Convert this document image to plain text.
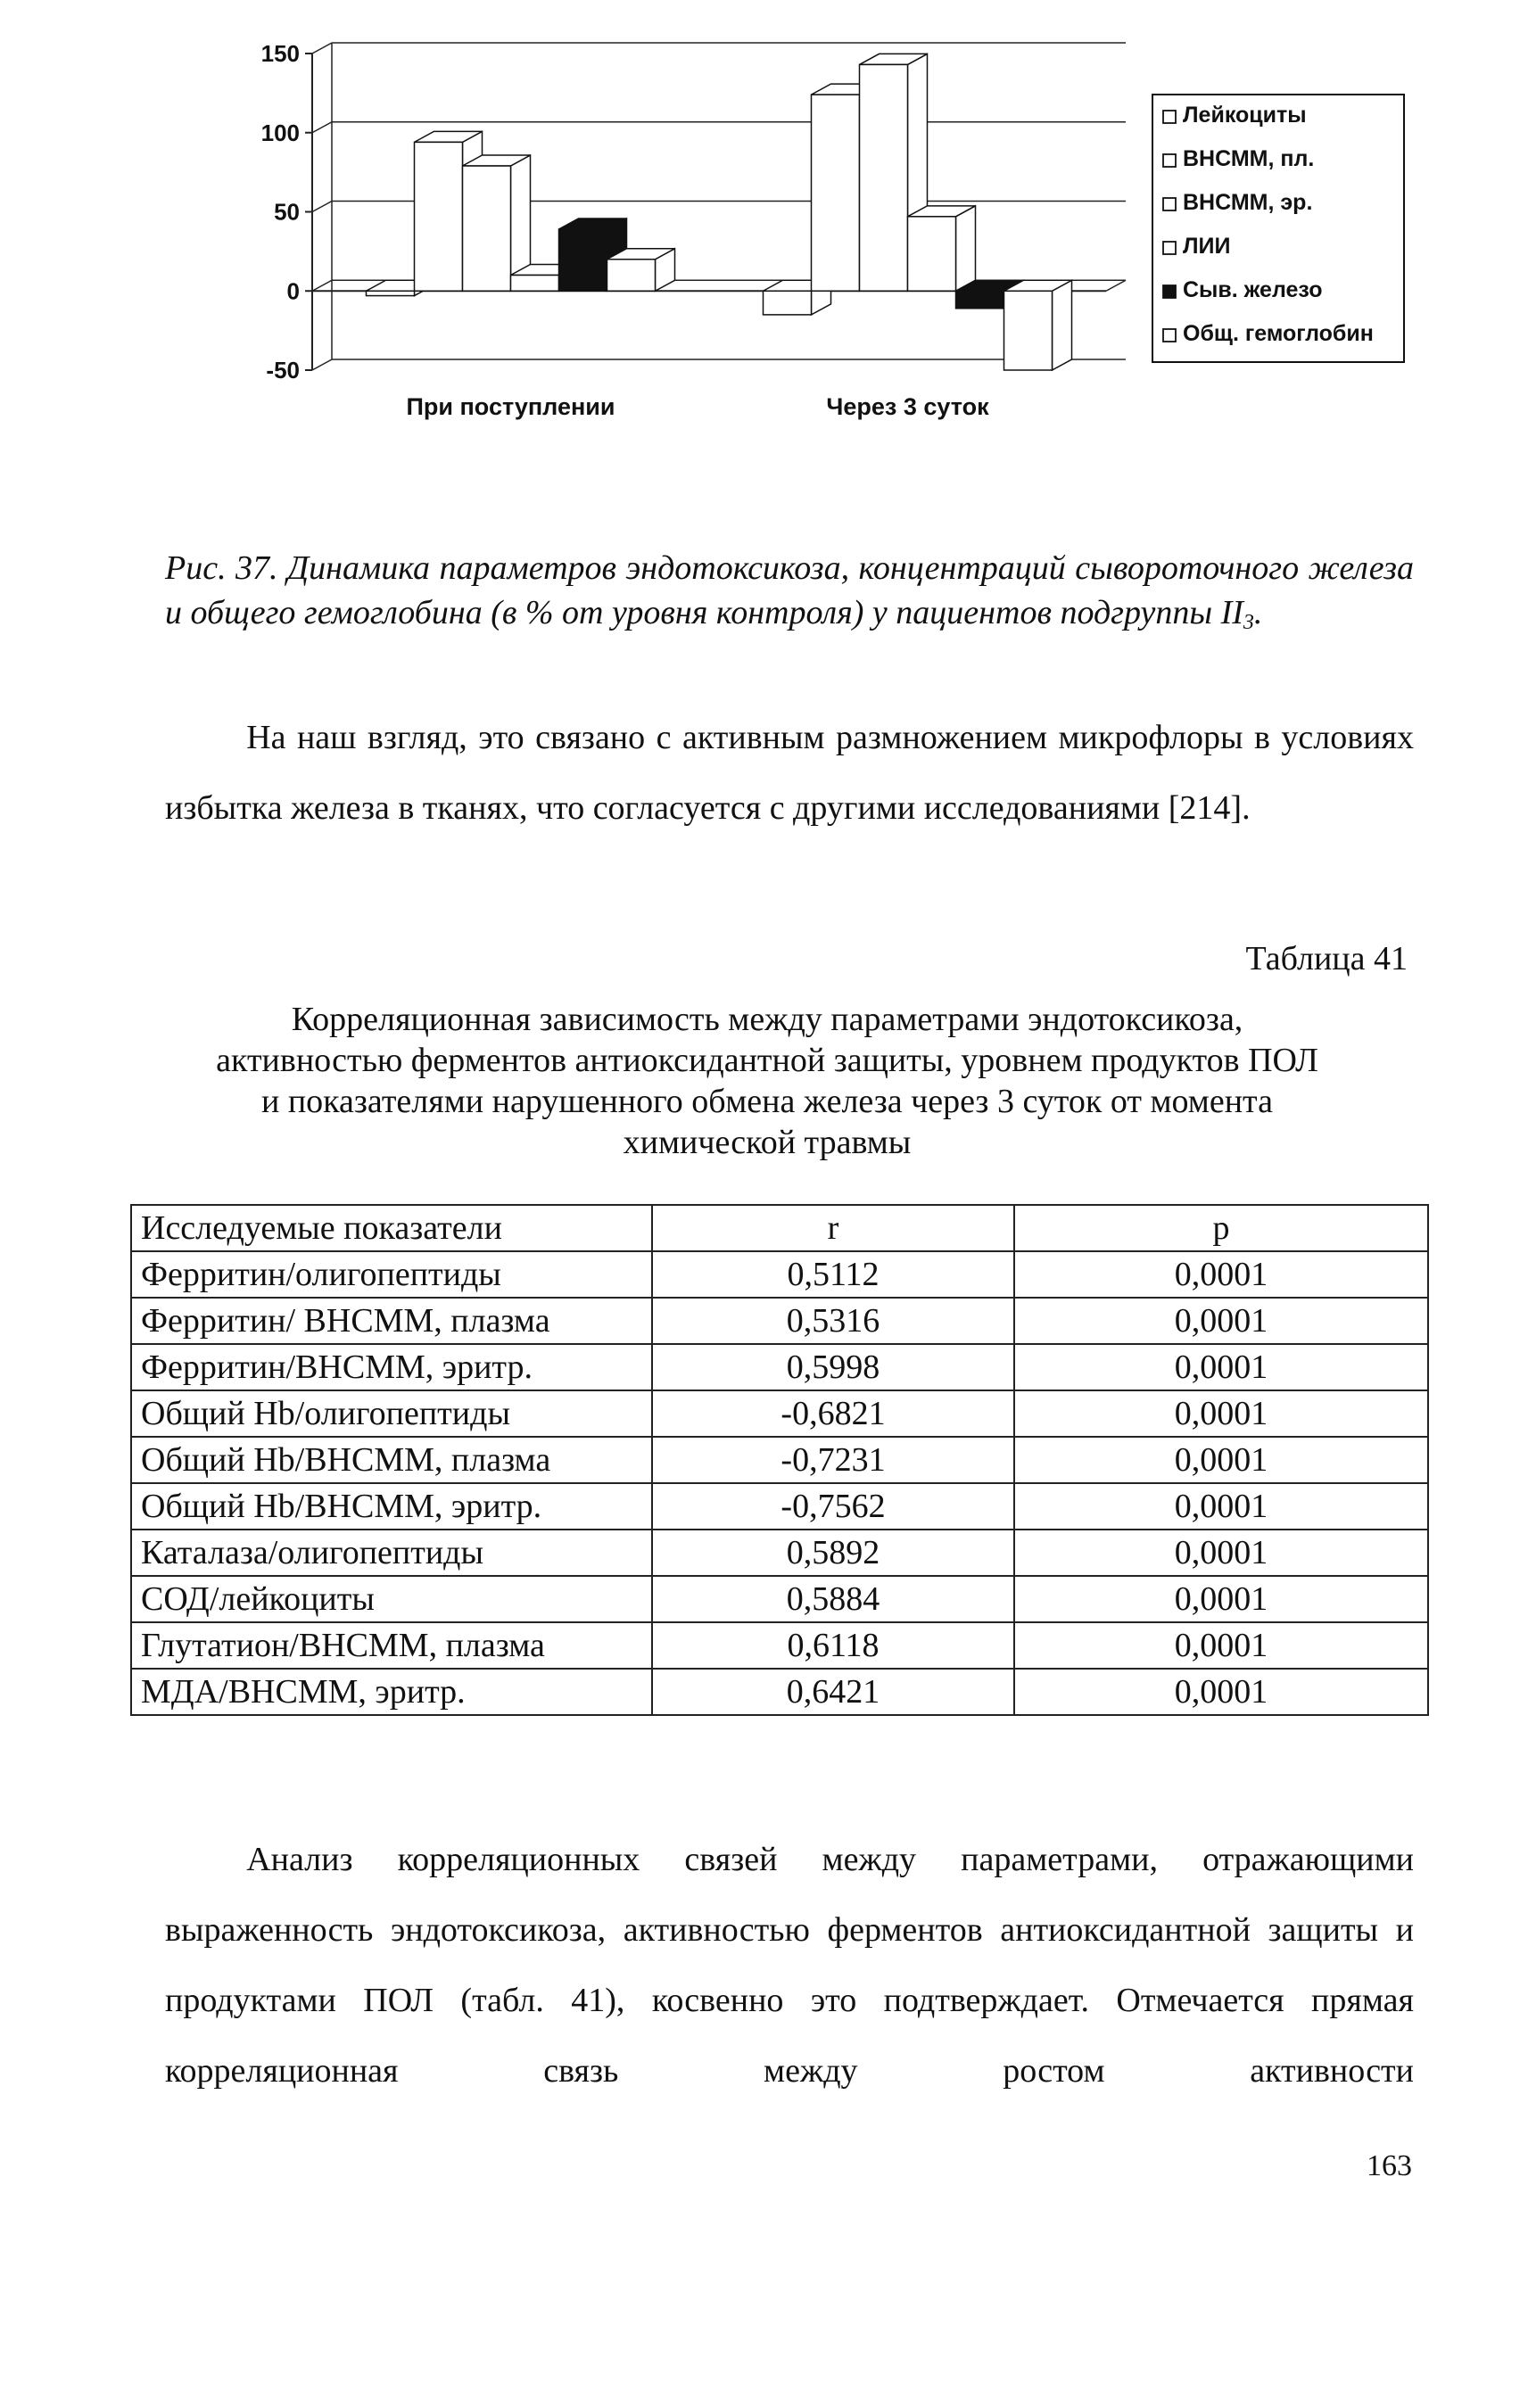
150
100
50
0
-50
При поступлении	Через 3 суток
Лейкоциты
ВНСММ, пл.
ВНСММ, эр.
ЛИИ
Сыв. железо
Общ. гемоглобин

Рис. 37. Динамика параметров эндотоксикоза, концентраций сывороточного железа и общего гемоглобина (в % от уровня контроля) у пациентов подгруппы $II_3$.

На наш взгляд, это связано с активным размножением микрофлоры в условиях избытка железа в тканях, что согласуется с другими исследованиями [214].

Таблица 41

Корреляционная зависимость между параметрами эндотоксикоза,
активностью ферментов антиоксидантной защиты, уровнем продуктов ПОЛ
и показателями нарушенного обмена железа через 3 суток от момента
химической травмы
Исследуемые показатели	r	p
Ферритин/олигопептиды	0,5112	0,0001
Ферритин/ ВНСММ, плазма	0,5316	0,0001
Ферритин/ВНСММ, эритр.	0,5998	0,0001
Общий Hb/олигопептиды	-0,6821	0,0001
Общий Hb/ВНСММ, плазма	-0,7231	0,0001
Общий Hb/ВНСММ, эритр.	-0,7562	0,0001
Каталаза/олигопептиды	0,5892	0,0001
СОД/лейкоциты	0,5884	0,0001
Глутатион/ВНСММ, плазма	0,6118	0,0001
МДА/ВНСММ, эритр.	0,6421	0,0001

Анализ корреляционных связей между параметрами, отражающими выраженность эндотоксикоза, активностью ферментов антиоксидантной защиты и продуктами ПОЛ (табл. 41), косвенно это подтверждает. Отмечается прямая корреляционная связь между ростом активности

163
